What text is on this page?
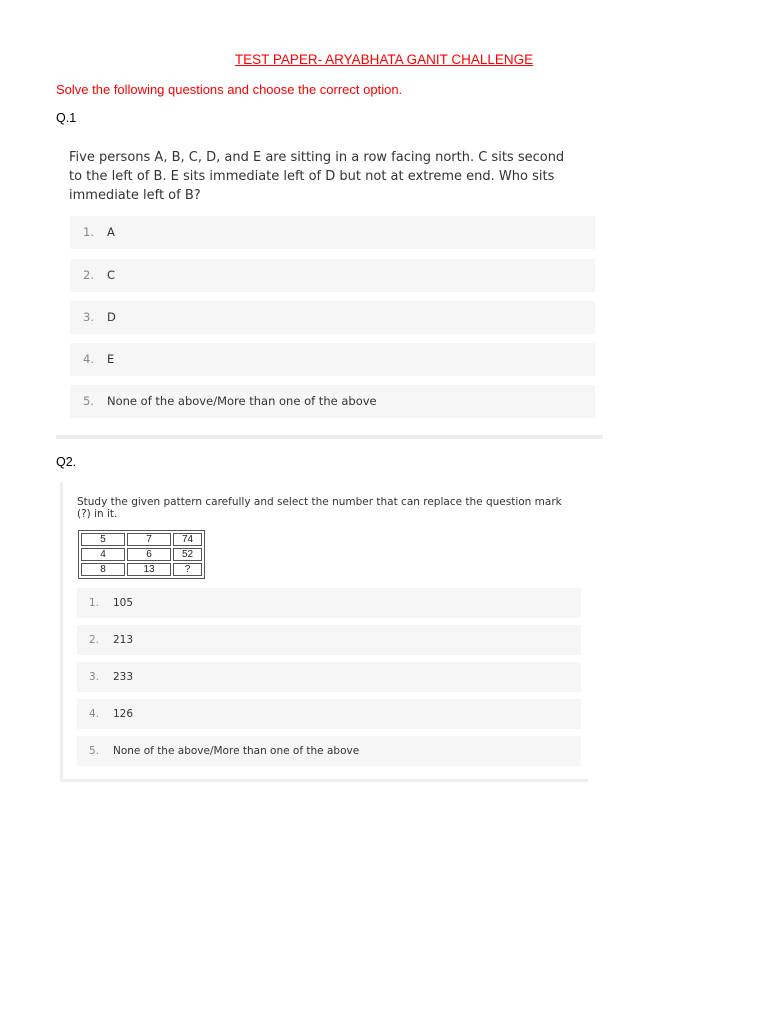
TEST PAPER- ARYABHATA GANIT CHALLENGE
Solve the following questions and choose the correct option.
Q.1
Five persons A, B, C, D, and E are sitting in a row facing north. C sits second to the left of B. E sits immediate left of D but not at extreme end. Who sits immediate left of B?
1. A
2. C
3. D
4. E
5. None of the above/More than one of the above
Q2.
Study the given pattern carefully and select the number that can replace the question mark (?) in it.
5	7	74
4	6	52
8	13	?
1. 105
2. 213
3. 233
4. 126
5. None of the above/More than one of the above
